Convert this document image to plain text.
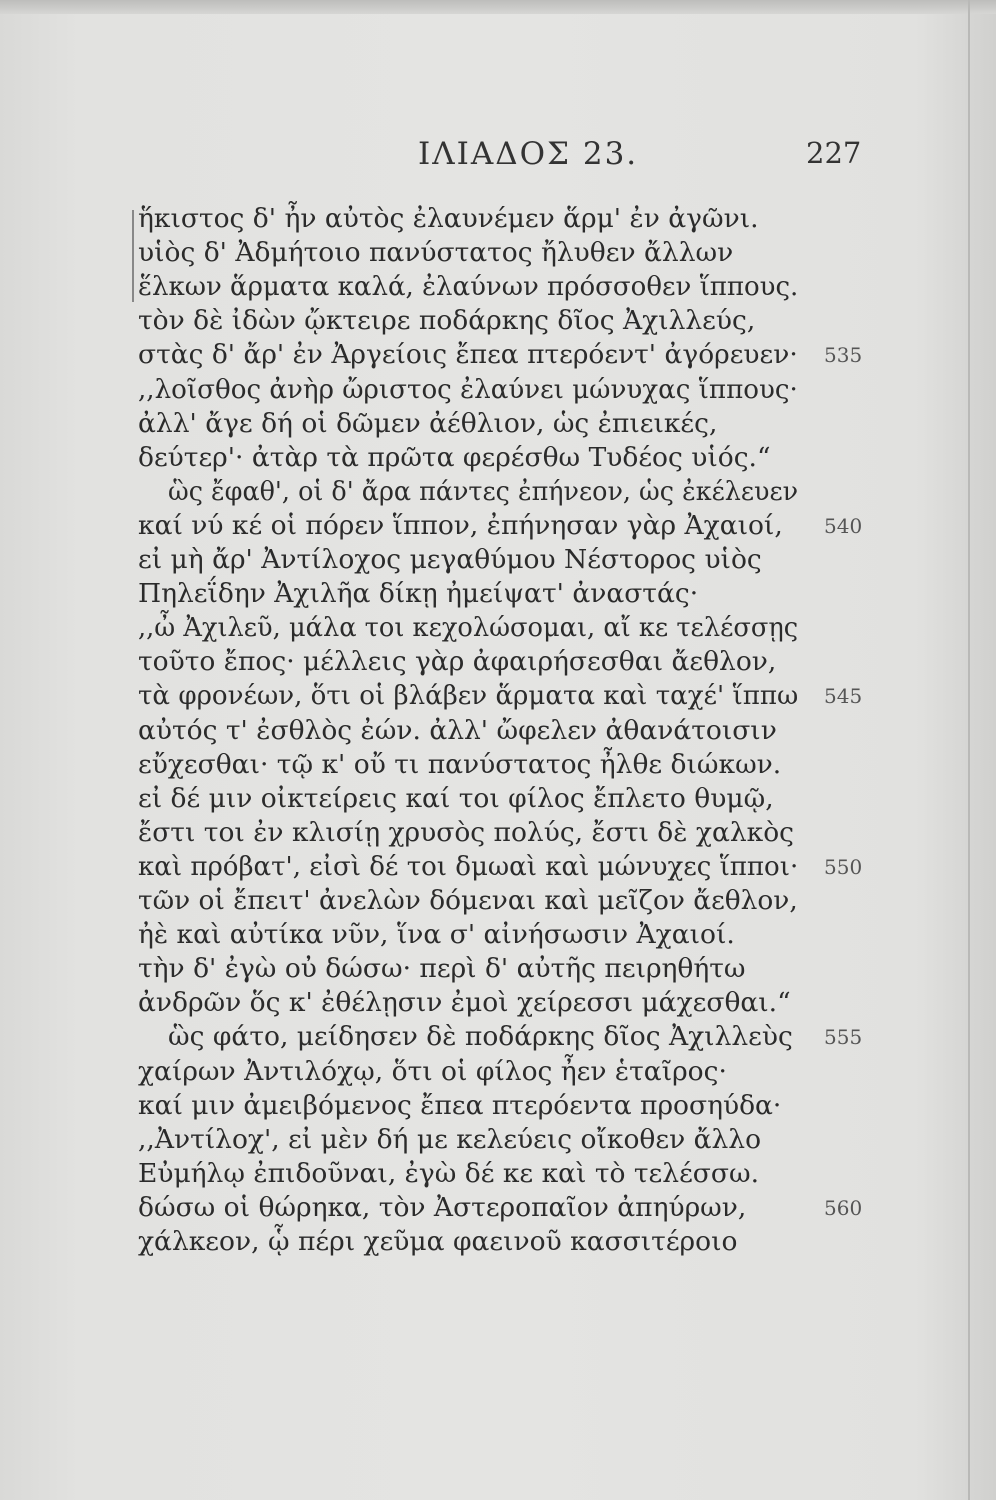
ΙΛΙΑΔΟΣ 23.	227
ἥκιστος δ' ἦν αὐτὸς ἐλαυνέμεν ἅρμ' ἐν ἀγῶνι.
υἱὸς δ' Ἀδμήτοιο πανύστατος ἤλυθεν ἄλλων
ἕλκων ἅρματα καλά, ἐλαύνων πρόσσοθεν ἵππους.
τὸν δὲ ἰδὼν ᾤκτειρε ποδάρκης δῖος Ἀχιλλεύς,
στὰς δ' ἄρ' ἐν Ἀργείοις ἔπεα πτερόεντ' ἀγόρευεν· 535
,,λοῖσθος ἀνὴρ ὤριστος ἐλαύνει μώνυχας ἵππους·
ἀλλ' ἄγε δή οἱ δῶμεν ἀέθλιον, ὡς ἐπιεικές,
δεύτερ'· ἀτὰρ τὰ πρῶτα φερέσθω Τυδέος υἱός.“
ὣς ἔφαθ', οἱ δ' ἄρα πάντες ἐπήνεον, ὡς ἐκέλευεν
καί νύ κέ οἱ πόρεν ἵππον, ἐπήνησαν γὰρ Ἀχαιοί, 540
εἰ μὴ ἄρ' Ἀντίλοχος μεγαθύμου Νέστορος υἱὸς
Πηλεΐδην Ἀχιλῆα δίκῃ ἠμείψατ' ἀναστάς·
,,ὦ Ἀχιλεῦ, μάλα τοι κεχολώσομαι, αἴ κε τελέσσῃς
τοῦτο ἔπος· μέλλεις γὰρ ἀφαιρήσεσθαι ἄεθλον,
τὰ φρονέων, ὅτι οἱ βλάβεν ἅρματα καὶ ταχέ' ἵππω 545
αὐτός τ' ἐσθλὸς ἐών. ἀλλ' ὤφελεν ἀθανάτοισιν
εὔχεσθαι· τῷ κ' οὔ τι πανύστατος ἦλθε διώκων.
εἰ δέ μιν οἰκτείρεις καί τοι φίλος ἔπλετο θυμῷ,
ἔστι τοι ἐν κλισίῃ χρυσὸς πολύς, ἔστι δὲ χαλκὸς
καὶ πρόβατ', εἰσὶ δέ τοι δμωαὶ καὶ μώνυχες ἵπποι· 550
τῶν οἱ ἔπειτ' ἀνελὼν δόμεναι καὶ μεῖζον ἄεθλον,
ἠὲ καὶ αὐτίκα νῦν, ἵνα σ' αἰνήσωσιν Ἀχαιοί.
τὴν δ' ἐγὼ οὐ δώσω· περὶ δ' αὐτῆς πειρηθήτω
ἀνδρῶν ὅς κ' ἐθέλῃσιν ἐμοὶ χείρεσσι μάχεσθαι.“
ὣς φάτο, μείδησεν δὲ ποδάρκης δῖος Ἀχιλλεὺς 555
χαίρων Ἀντιλόχῳ, ὅτι οἱ φίλος ἦεν ἑταῖρος·
καί μιν ἀμειβόμενος ἔπεα πτερόεντα προσηύδα·
,,Ἀντίλοχ', εἰ μὲν δή με κελεύεις οἴκοθεν ἄλλο
Εὐμήλῳ ἐπιδοῦναι, ἐγὼ δέ κε καὶ τὸ τελέσσω.
δώσω οἱ θώρηκα, τὸν Ἀστεροπαῖον ἀπηύρων,	560
χάλκεον, ᾧ πέρι χεῦμα φαεινοῦ κασσιτέροιο
